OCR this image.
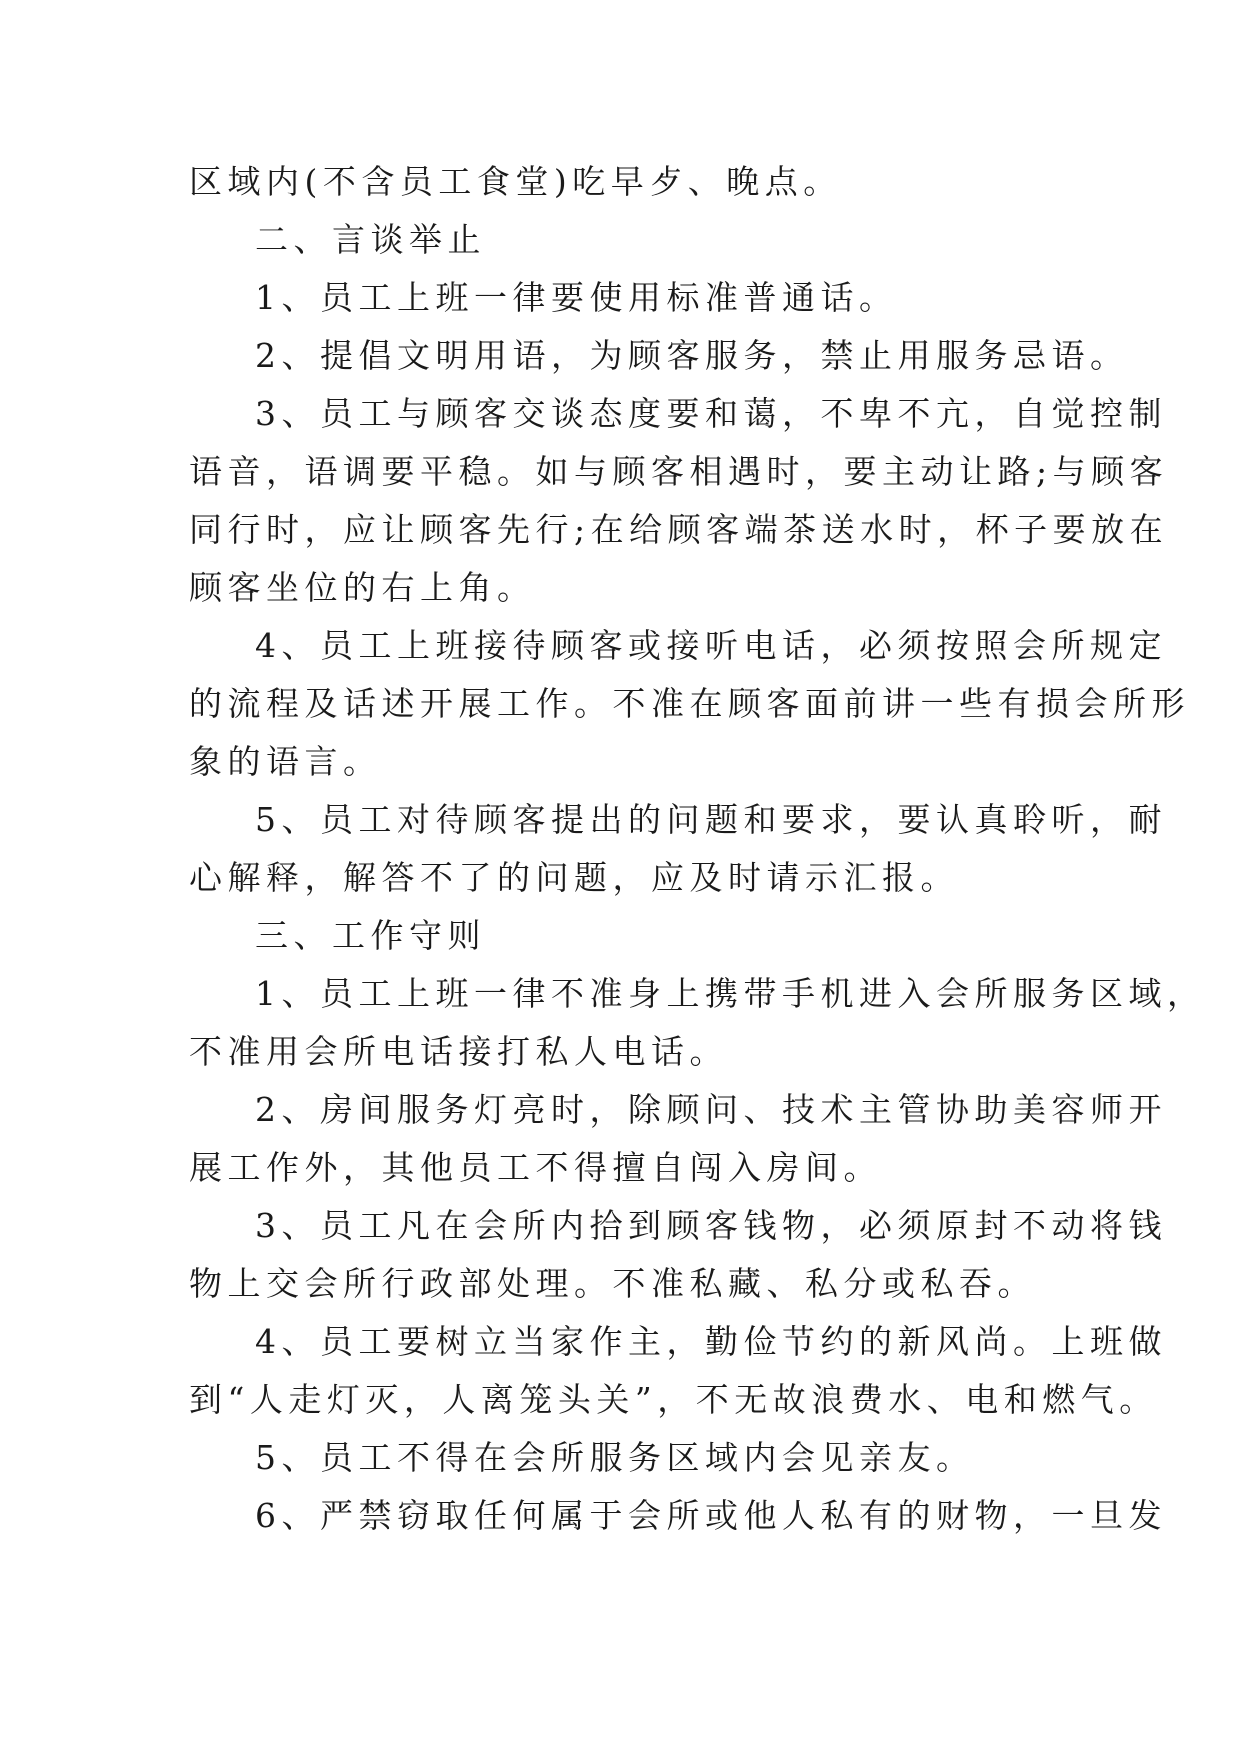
区域内(不含员工食堂)吃早歺、晚点。
二、言谈举止
1、员工上班一律要使用标准普通话。
2、提倡文明用语，为顾客服务，禁止用服务忌语。
3、员工与顾客交谈态度要和蔼，不卑不亢，自觉控制
语音，语调要平稳。如与顾客相遇时，要主动让路;与顾客
同行时，应让顾客先行;在给顾客端茶送水时，杯子要放在
顾客坐位的右上角。
4、员工上班接待顾客或接听电话，必须按照会所规定
的流程及话述开展工作。不准在顾客面前讲一些有损会所形
象的语言。
5、员工对待顾客提出的问题和要求，要认真聆听，耐
心解释，解答不了的问题，应及时请示汇报。
三、工作守则
1、员工上班一律不准身上携带手机进入会所服务区域，
不准用会所电话接打私人电话。
2、房间服务灯亮时，除顾问、技术主管协助美容师开
展工作外，其他员工不得擅自闯入房间。
3、员工凡在会所内拾到顾客钱物，必须原封不动将钱
物上交会所行政部处理。不准私藏、私分或私吞。
4、员工要树立当家作主，勤俭节约的新风尚。上班做
到“人走灯灭，人离笼头关”，不无故浪费水、电和燃气。
5、员工不得在会所服务区域内会见亲友。
6、严禁窃取任何属于会所或他人私有的财物，一旦发
